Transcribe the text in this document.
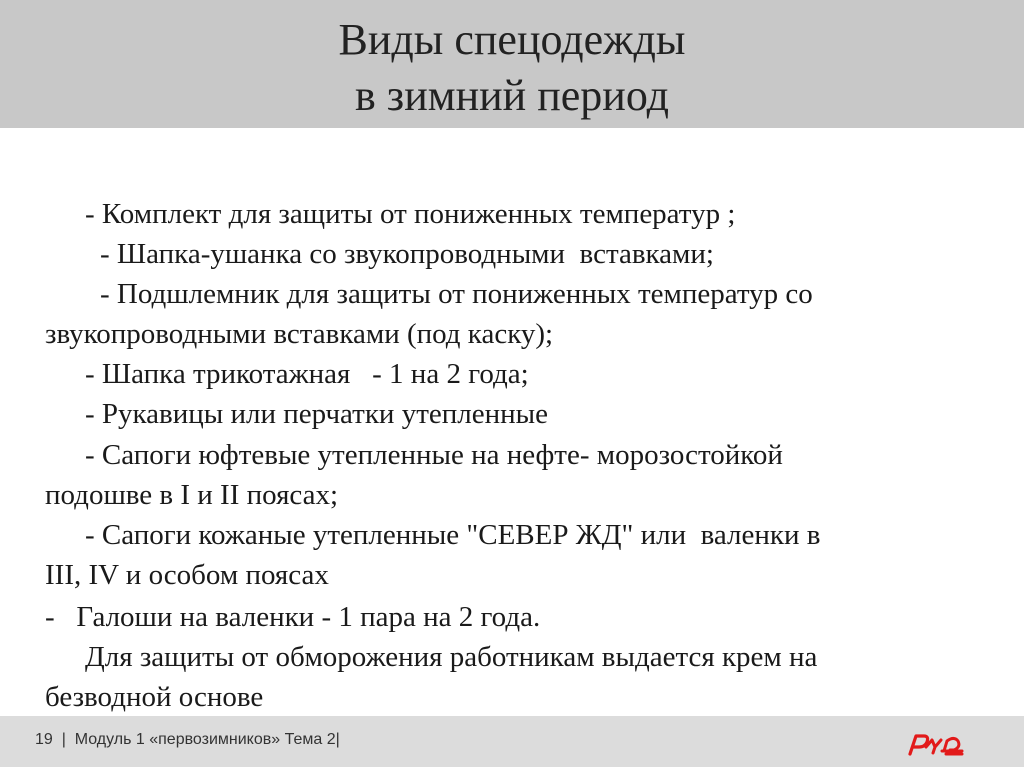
Виды спецодежды
в зимний период
- Комплект для защиты от пониженных температур ;
- Шапка-ушанка со звукопроводными  вставками;
- Подшлемник для защиты от пониженных температур со
звукопроводными вставками (под каску);
- Шапка трикотажная   - 1 на 2 года;
- Рукавицы или перчатки утепленные
- Сапоги юфтевые утепленные на нефте- морозостойкой
подошве в I и II поясах;
- Сапоги кожаные утепленные "СЕВЕР ЖД" или  валенки в
III, IV и особом поясах
-   Галоши на валенки - 1 пара на 2 года.
Для защиты от обморожения работникам выдается крем на
безводной основе
19  |  Модуль 1 «первозимников» Тема 2|
